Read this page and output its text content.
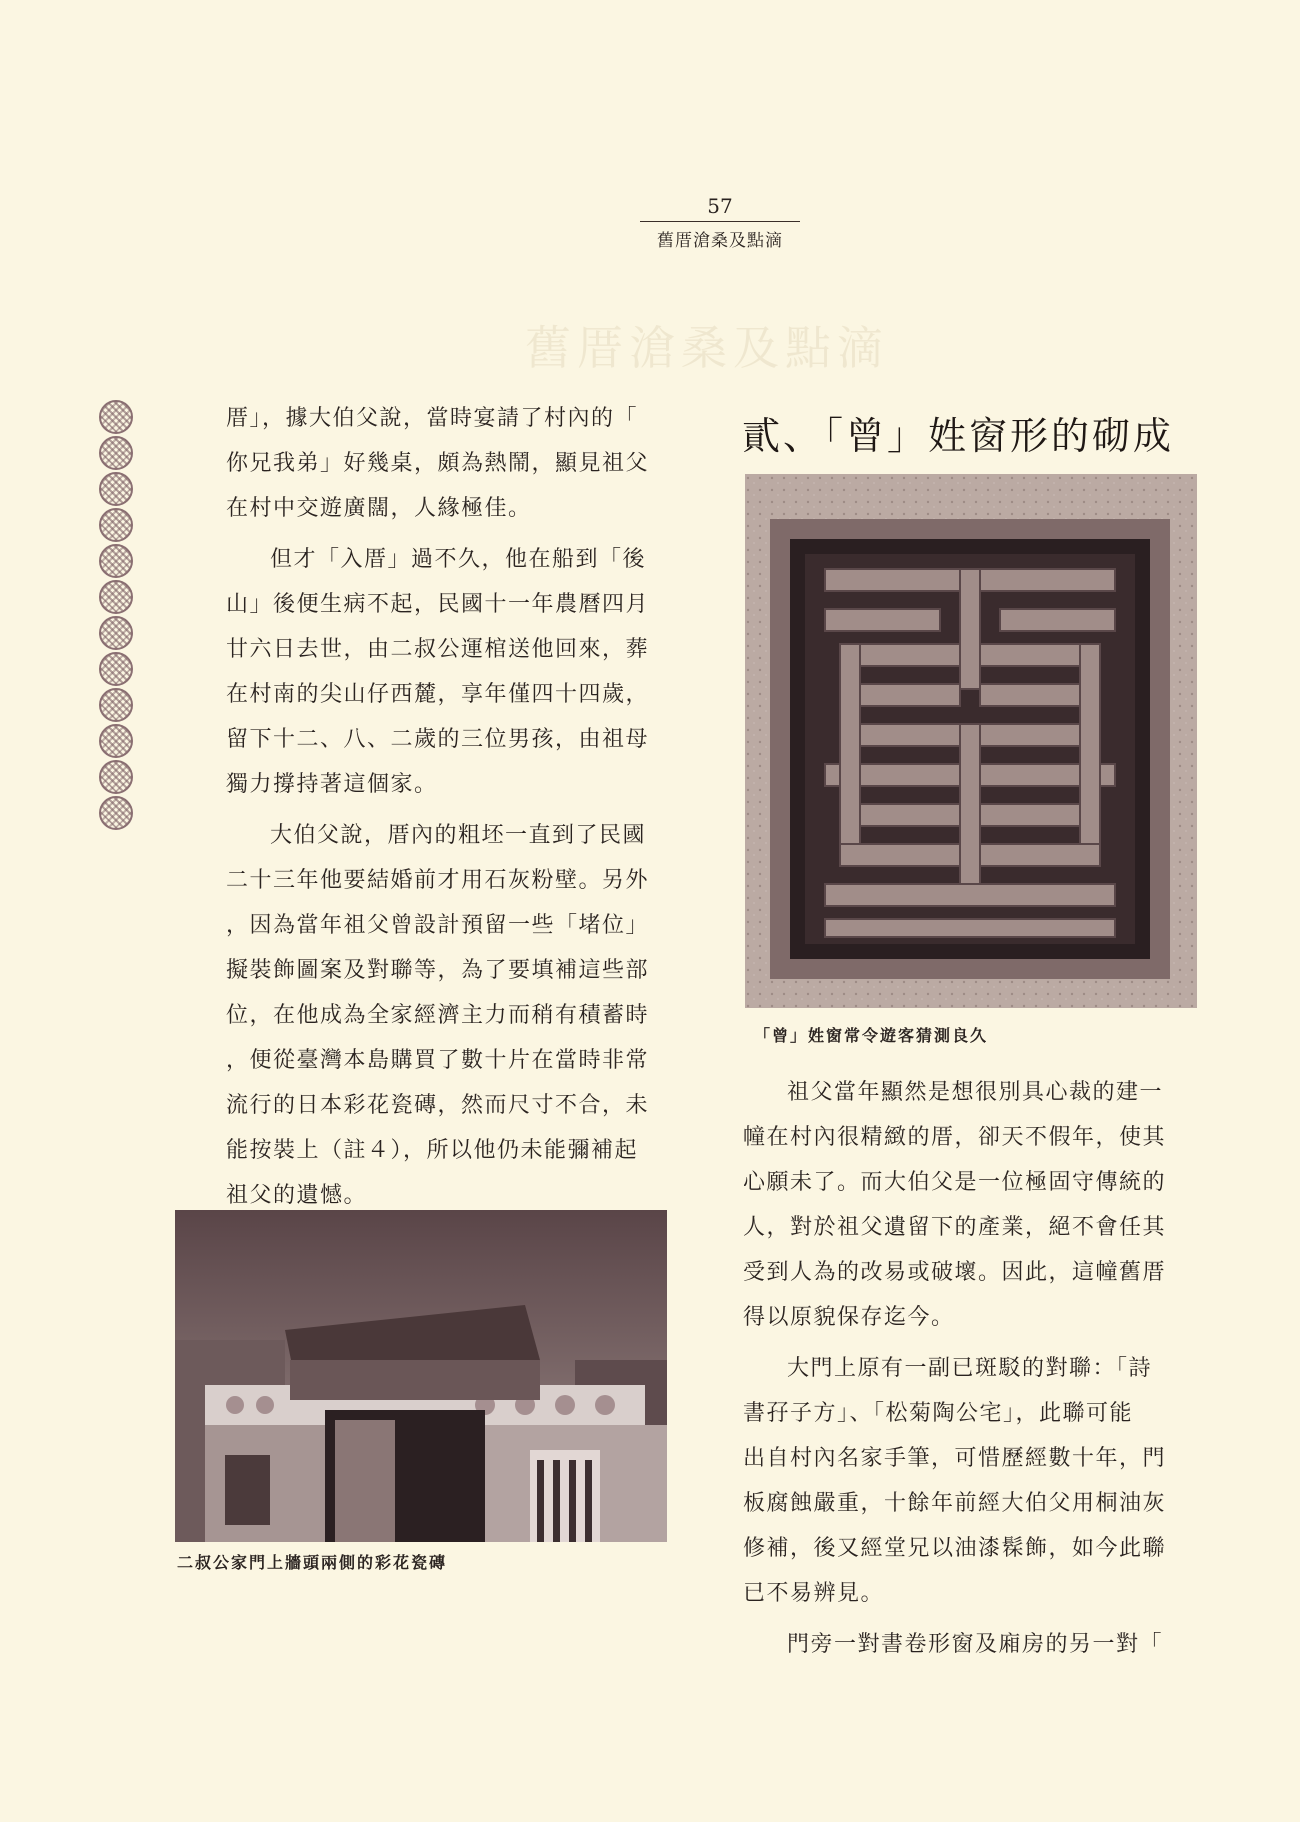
57
舊厝滄桑及點滴
舊厝滄桑及點滴

厝」，據大伯父說，當時宴請了村內的「

你兄我弟」好幾桌，頗為熱鬧，顯見祖父

在村中交遊廣闊，人緣極佳。

但才「入厝」過不久，他在船到「後

山」後便生病不起，民國十一年農曆四月

廿六日去世，由二叔公運棺送他回來，葬

在村南的尖山仔西麓，享年僅四十四歲，

留下十二、八、二歲的三位男孩，由祖母

獨力撐持著這個家。

大伯父說，厝內的粗坯一直到了民國

二十三年他要結婚前才用石灰粉壁。另外

，因為當年祖父曾設計預留一些「堵位」

擬裝飾圖案及對聯等，為了要填補這些部

位，在他成為全家經濟主力而稍有積蓄時

，便從臺灣本島購買了數十片在當時非常

流行的日本彩花瓷磚，然而尺寸不合，未

能按裝上（註４），所以他仍未能彌補起

祖父的遺憾。

貳、「曾」姓窗形的砌成
「曾」姓窗常令遊客猜測良久
二叔公家門上牆頭兩側的彩花瓷磚

祖父當年顯然是想很別具心裁的建一

幢在村內很精緻的厝，卻天不假年，使其

心願未了。而大伯父是一位極固守傳統的

人，對於祖父遺留下的產業，絕不會任其

受到人為的改易或破壞。因此，這幢舊厝

得以原貌保存迄今。

大門上原有一副已斑駁的對聯：「詩

書孖子方」、「松菊陶公宅」，此聯可能

出自村內名家手筆，可惜歷經數十年，門

板腐蝕嚴重，十餘年前經大伯父用桐油灰

修補，後又經堂兄以油漆髹飾，如今此聯

已不易辨見。

門旁一對書卷形窗及廂房的另一對「
